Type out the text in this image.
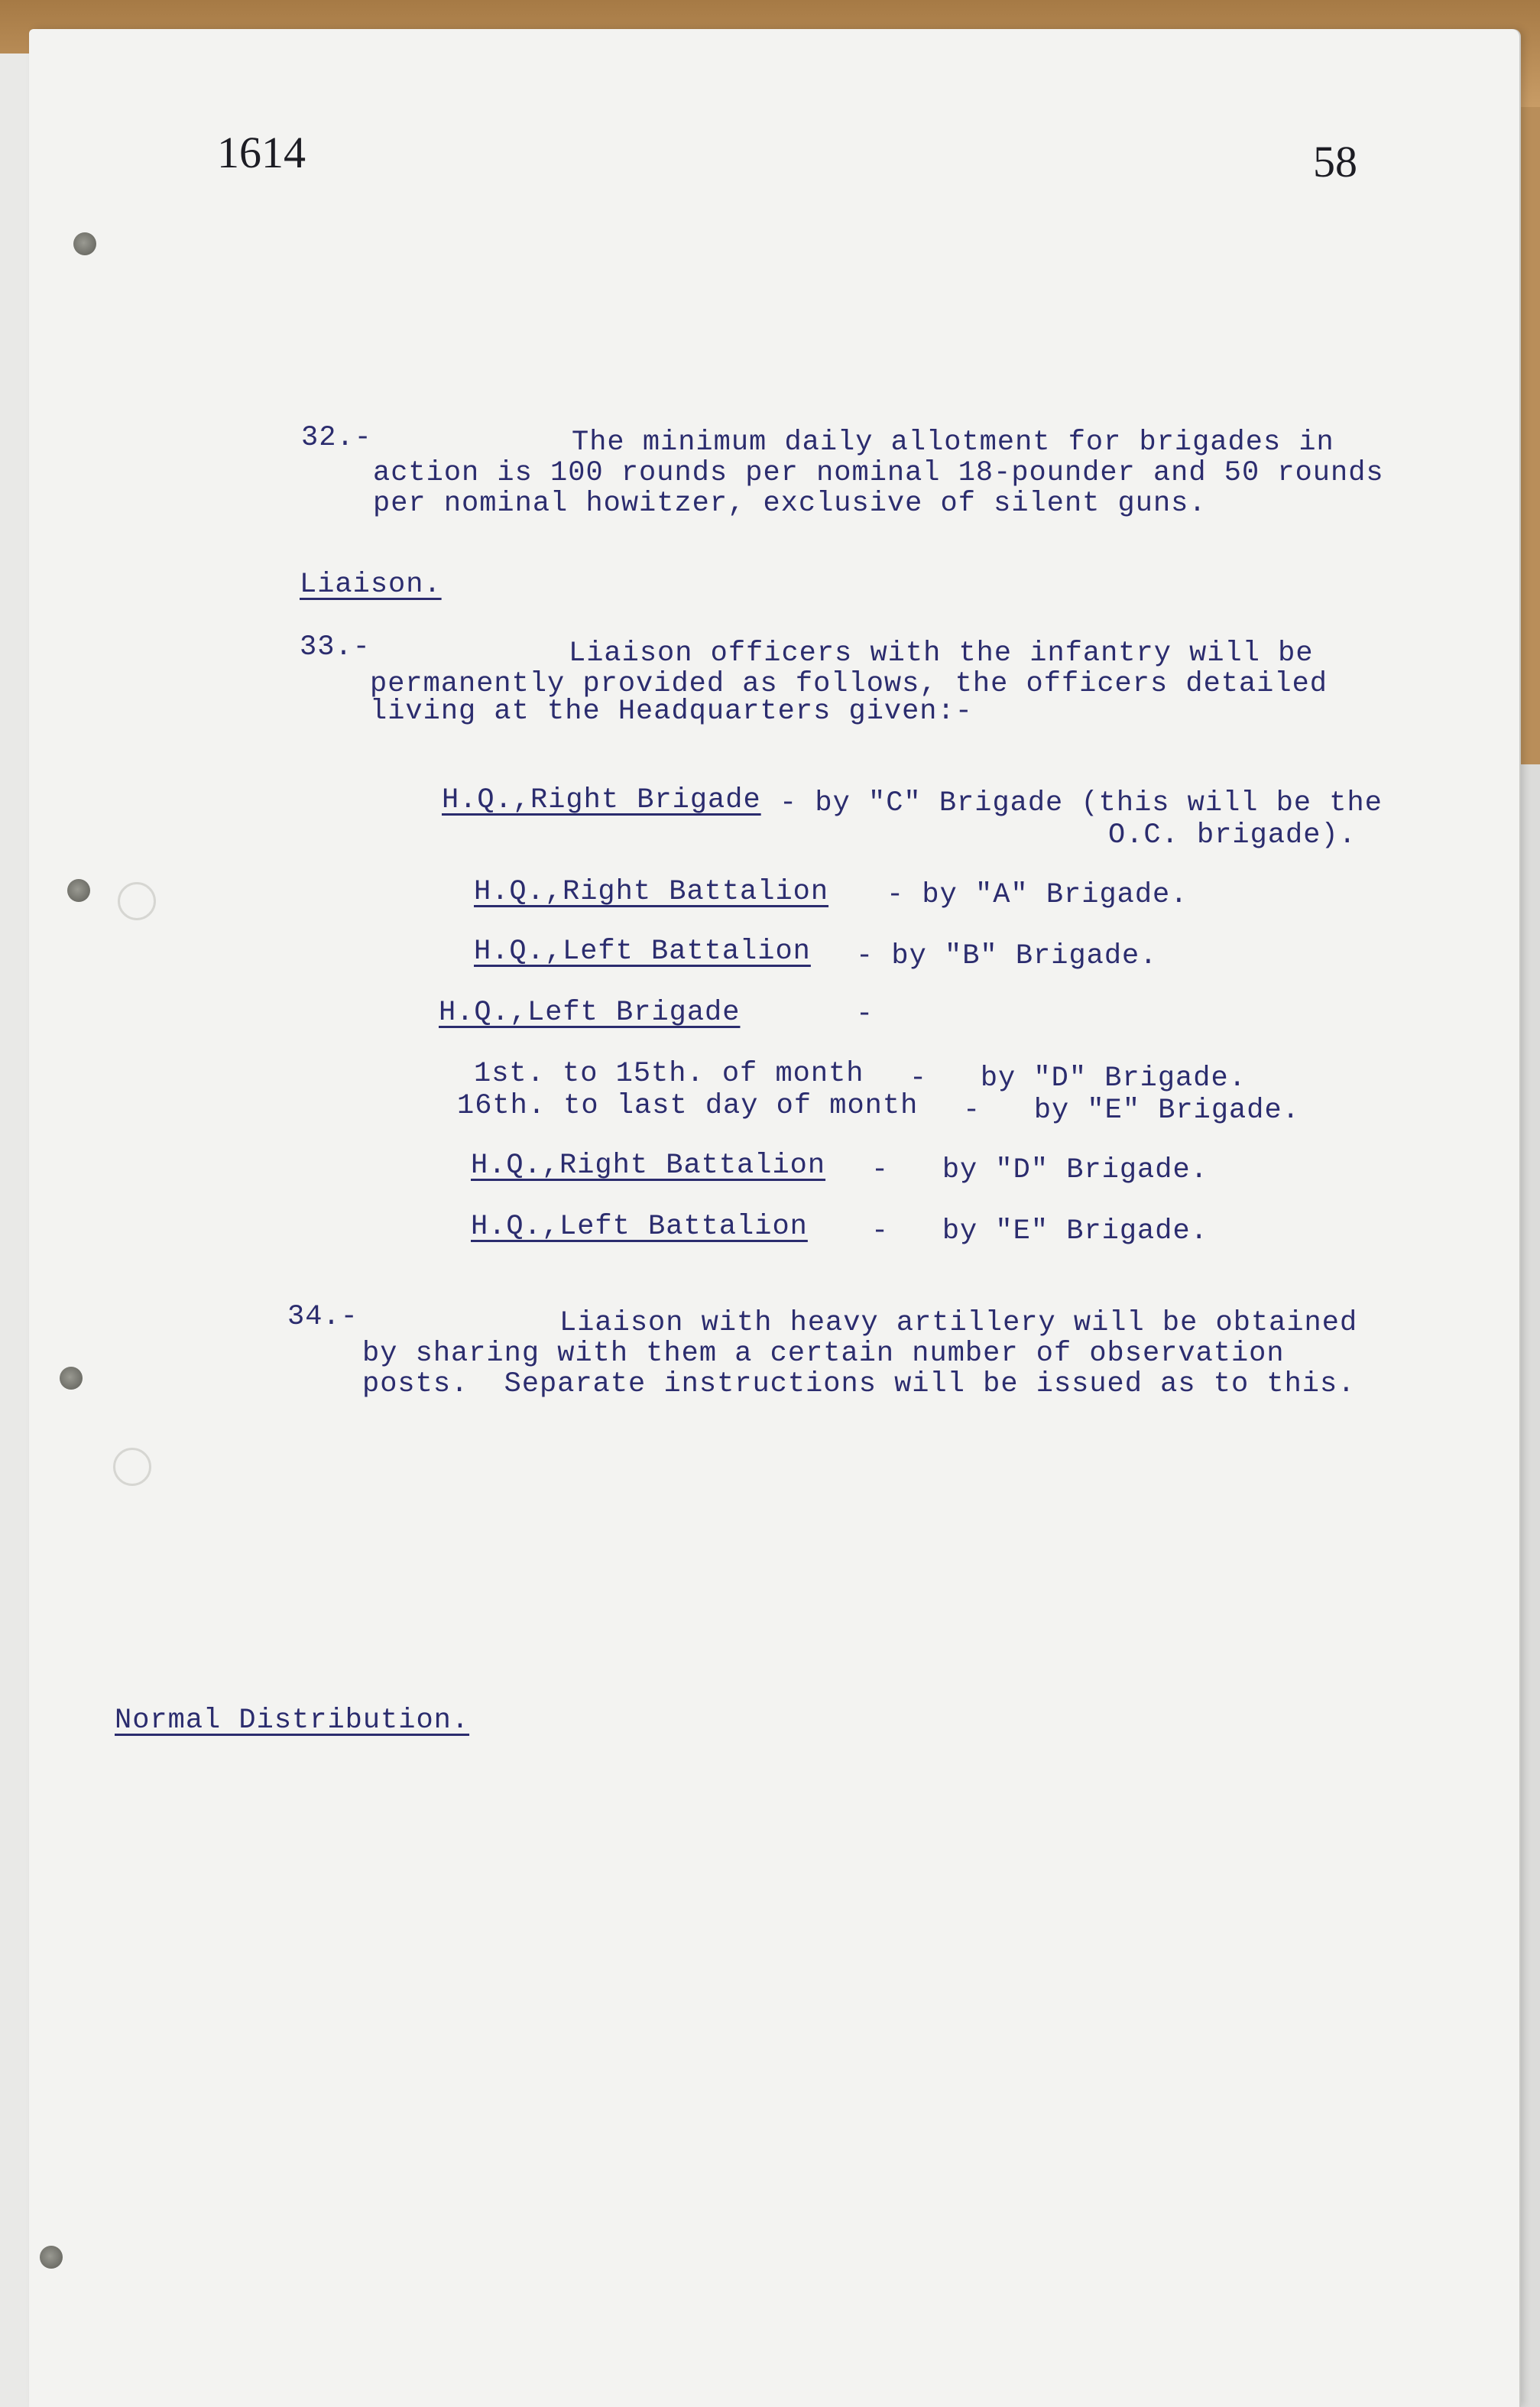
1614	58
32.-	The minimum daily allotment for brigades in
action is 100 rounds per nominal 18-pounder and 50 rounds
per nominal howitzer, exclusive of silent guns.
Liaison.
33.-	Liaison officers with the infantry will be
permanently provided as follows, the officers detailed
living at the Headquarters given:-
H.Q.,Right Brigade - by "C" Brigade (this will be the
O.C. brigade).
H.Q.,Right Battalion - by "A" Brigade.
H.Q.,Left Battalion - by "B" Brigade.
H.Q.,Left Brigade	-
1st. to 15th. of month -   by "D" Brigade.
16th. to last day of month -   by "E" Brigade.
H.Q.,Right Battalion -   by "D" Brigade.
H.Q.,Left Battalion -   by "E" Brigade.
34.-	Liaison with heavy artillery will be obtained
by sharing with them a certain number of observation
posts.  Separate instructions will be issued as to this.
Normal Distribution.
